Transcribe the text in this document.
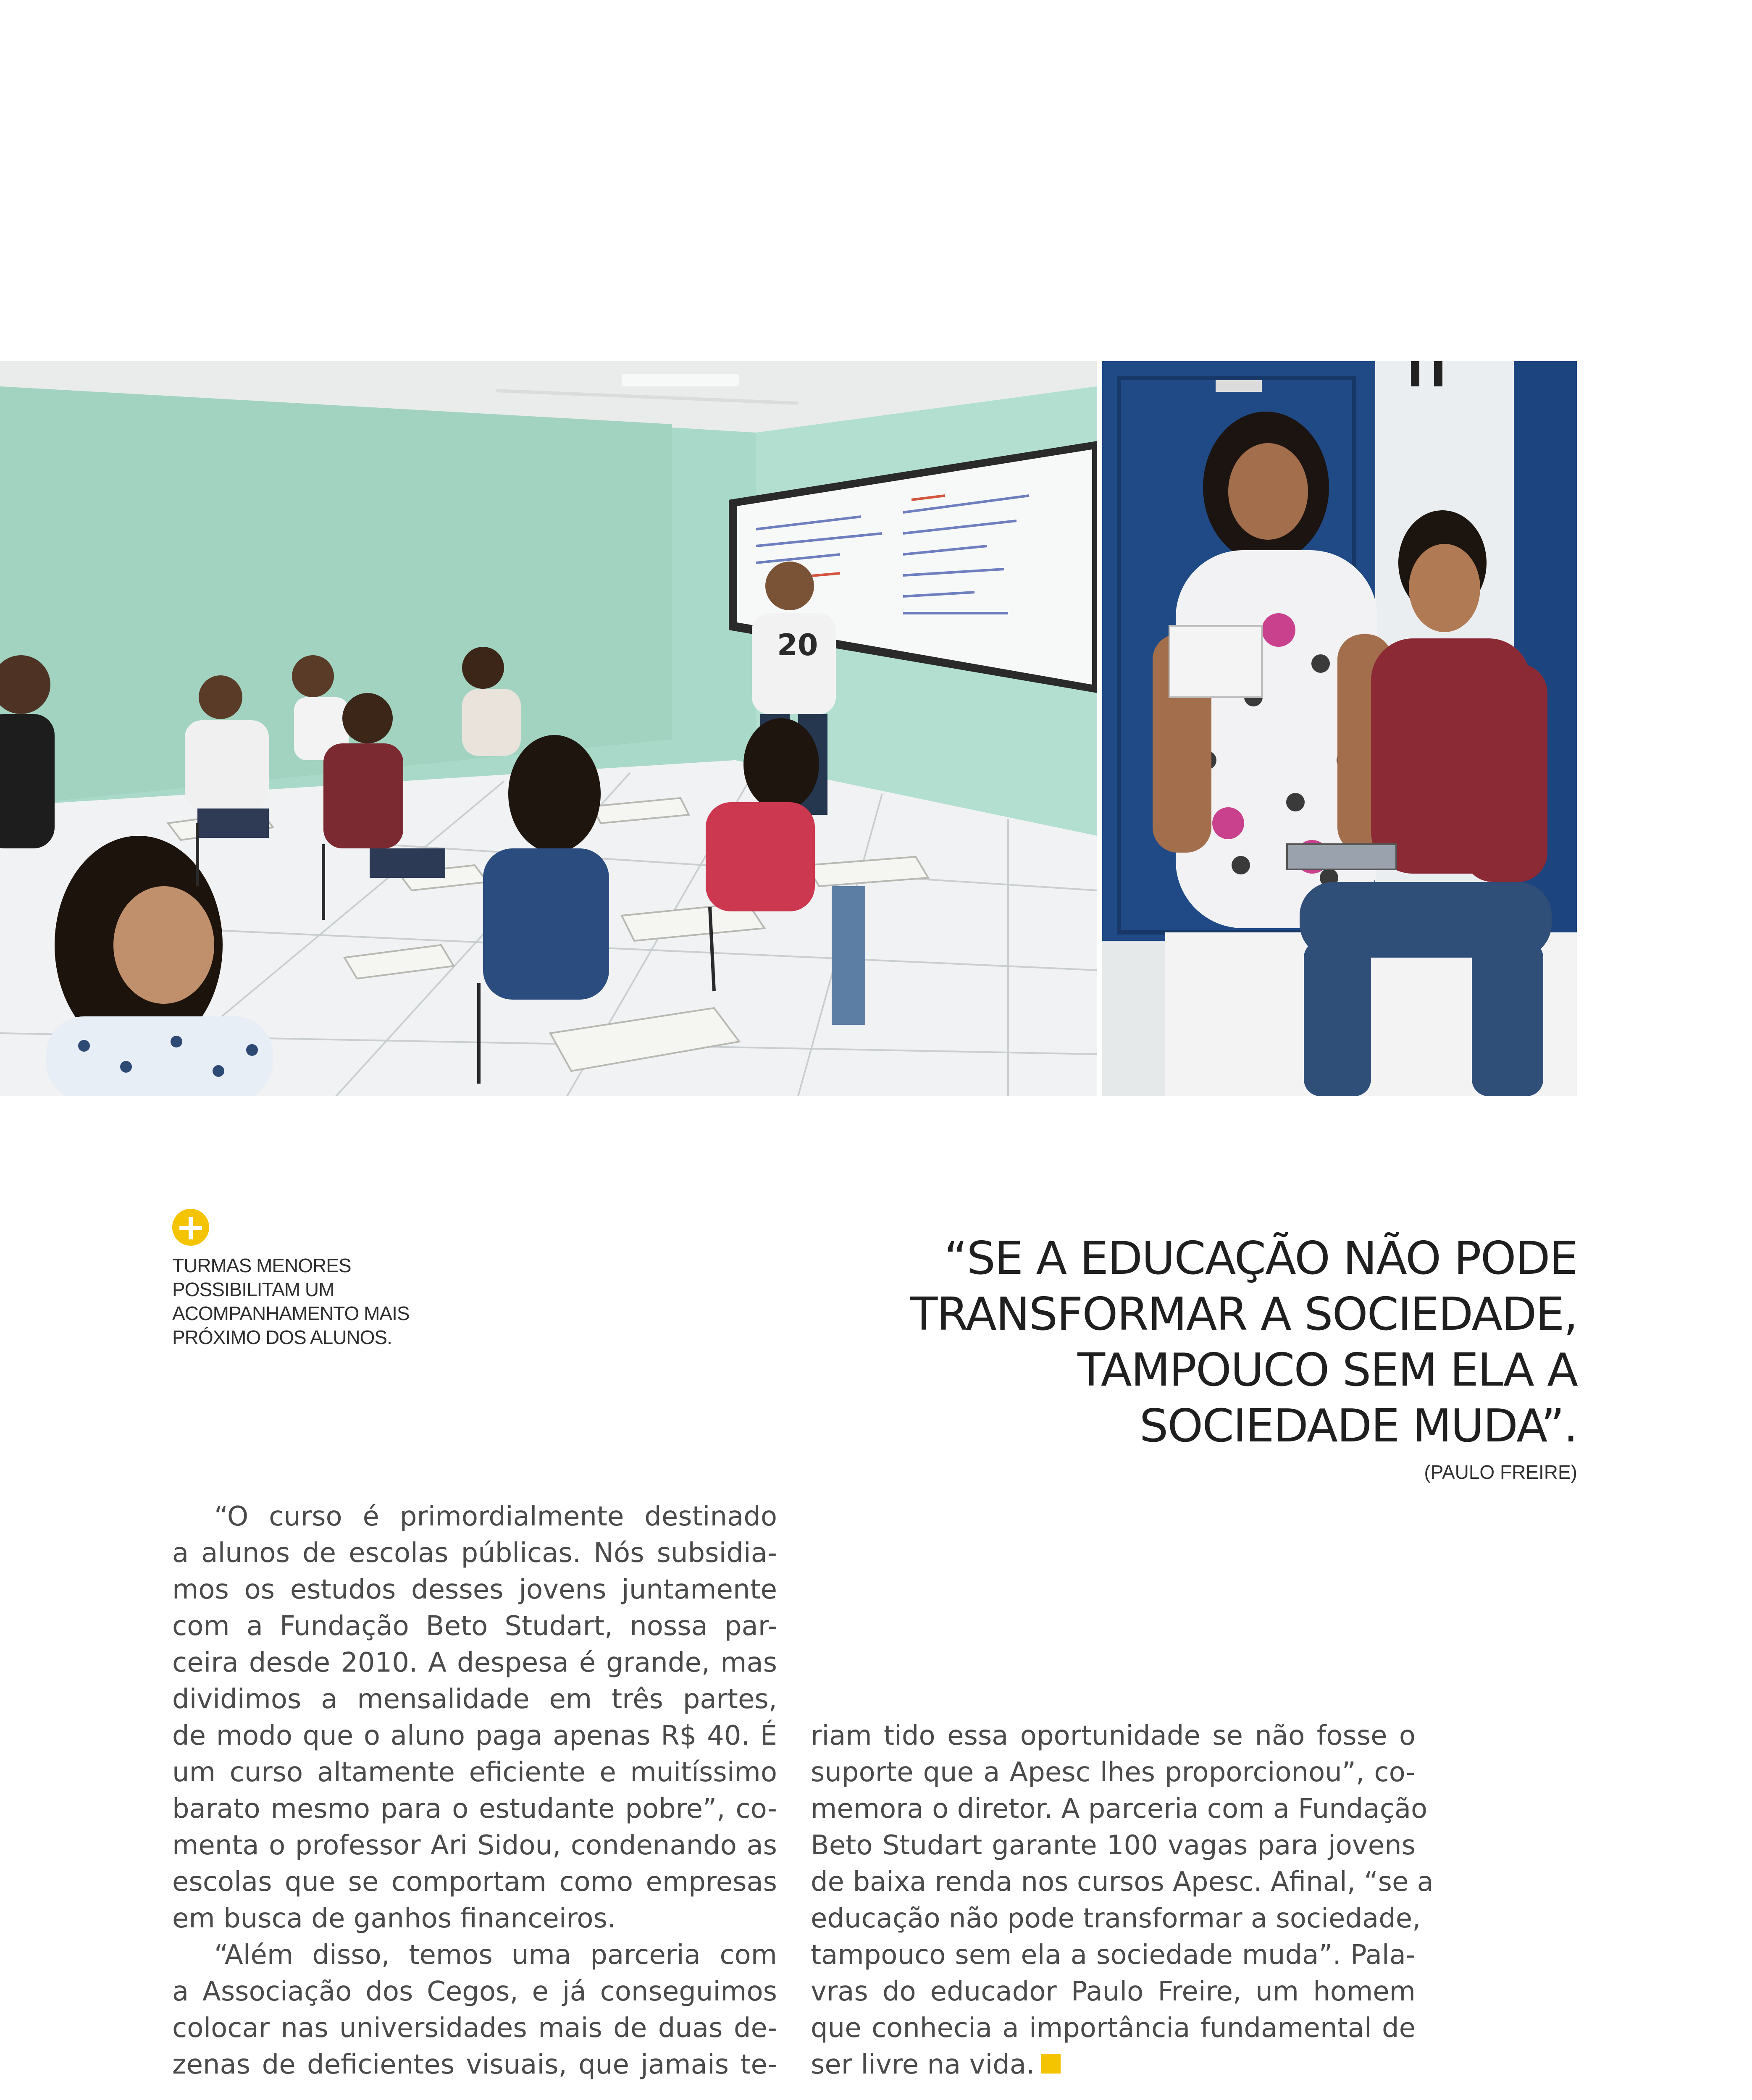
20
+
TURMAS MENORES
POSSIBILITAM UM
ACOMPANHAMENTO MAIS
PRÓXIMO DOS ALUNOS.
“SE A EDUCAÇÃO NÃO PODE
TRANSFORMAR A SOCIEDADE,
TAMPOUCO SEM ELA A
SOCIEDADE MUDA”.
(PAULO FREIRE)
“O curso é primordialmente destinado
a alunos de escolas públicas. Nós subsidia-
mos os estudos desses jovens juntamente
com a Fundação Beto Studart, nossa par-
ceira desde 2010. A despesa é grande, mas
dividimos a mensalidade em três partes,
de modo que o aluno paga apenas R$ 40. É
um curso altamente eficiente e muitíssimo
barato mesmo para o estudante pobre”, co-
menta o professor Ari Sidou, condenando as
escolas que se comportam como empresas
em busca de ganhos financeiros.
“Além disso, temos uma parceria com
a Associação dos Cegos, e já conseguimos
colocar nas universidades mais de duas de-
zenas de deficientes visuais, que jamais te-
riam tido essa oportunidade se não fosse o
suporte que a Apesc lhes proporcionou”, co-
memora o diretor. A parceria com a Fundação
Beto Studart garante 100 vagas para jovens
de baixa renda nos cursos Apesc. Afinal, “se a
educação não pode transformar a sociedade,
tampouco sem ela a sociedade muda”. Pala-
vras do educador Paulo Freire, um homem
que conhecia a importância fundamental de
ser livre na vida.
